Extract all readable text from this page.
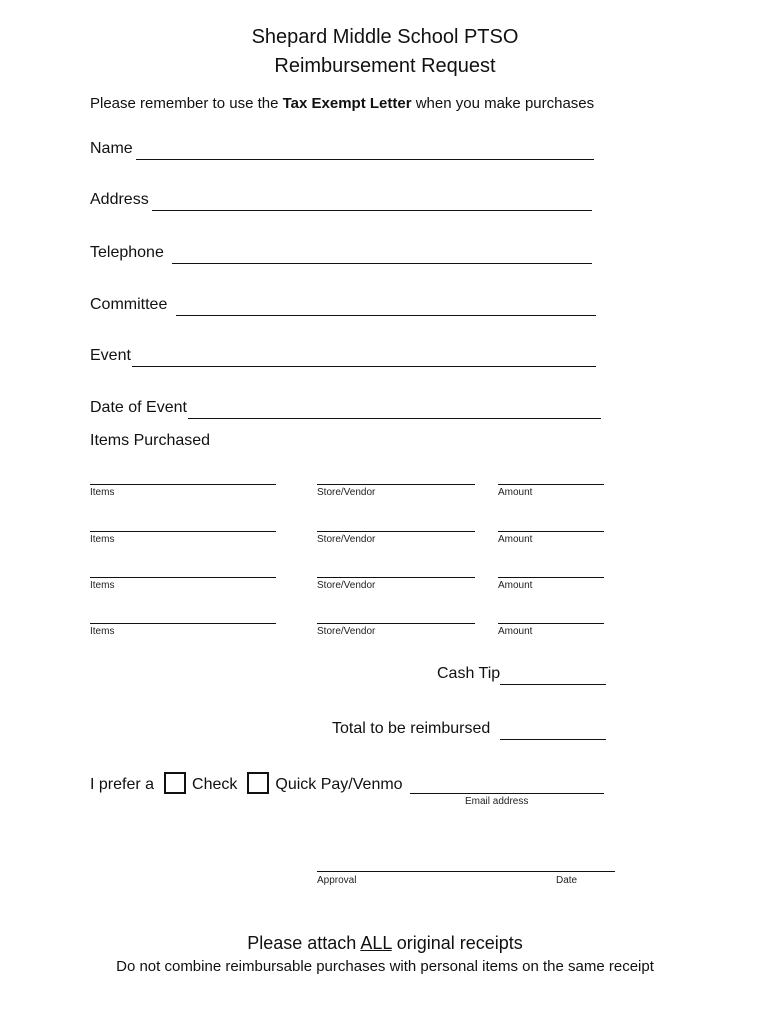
Shepard Middle School PTSO
Reimbursement Request
Please remember to use the Tax Exempt Letter when you make purchases
Name
Address
Telephone
Committee
Event
Date of Event
Items Purchased
Items	Store/Vendor	Amount
Items	Store/Vendor	Amount
Items	Store/Vendor	Amount
Items	Store/Vendor	Amount
Cash Tip
Total to be reimbursed
I prefer a Check Quick Pay/Venmo
Email address
Approval	Date
Please attach ALL original receipts
Do not combine reimbursable purchases with personal items on the same receipt
